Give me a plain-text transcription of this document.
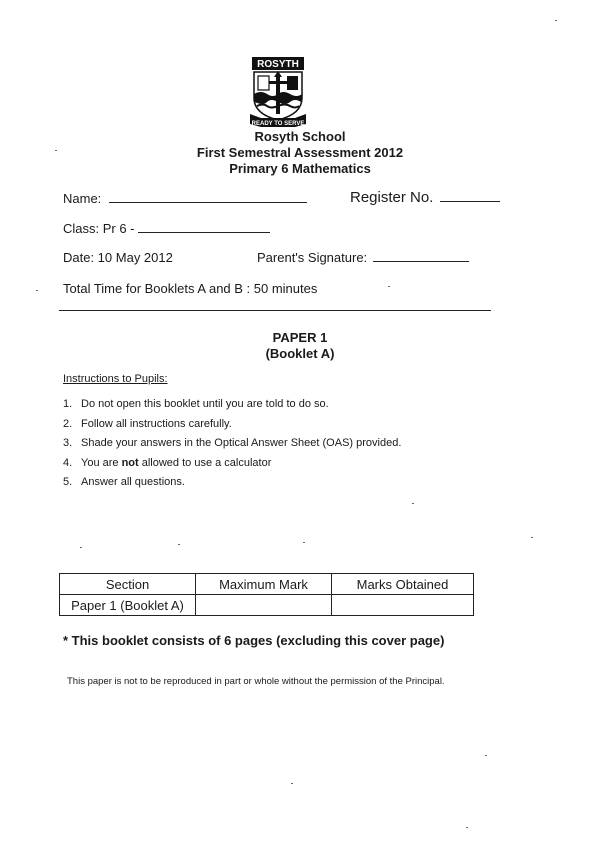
ROSYTH
READY TO SERVE
Rosyth School
First Semestral Assessment 2012
Primary 6 Mathematics
Name:	Register No.
Class: Pr 6 -
Date: 10 May 2012	Parent's Signature:
Total Time for Booklets A and B : 50 minutes
PAPER 1
(Booklet A)
Instructions to Pupils:
1. Do not open this booklet until you are told to do so.
2. Follow all instructions carefully.
3. Shade your answers in the Optical Answer Sheet (OAS) provided.
4. You are not allowed to use a calculator
5. Answer all questions.
Section	Maximum Mark	Marks Obtained
Paper 1 (Booklet A)		
* This booklet consists of 6 pages (excluding this cover page)
This paper is not to be reproduced in part or whole without the permission of the Principal.
